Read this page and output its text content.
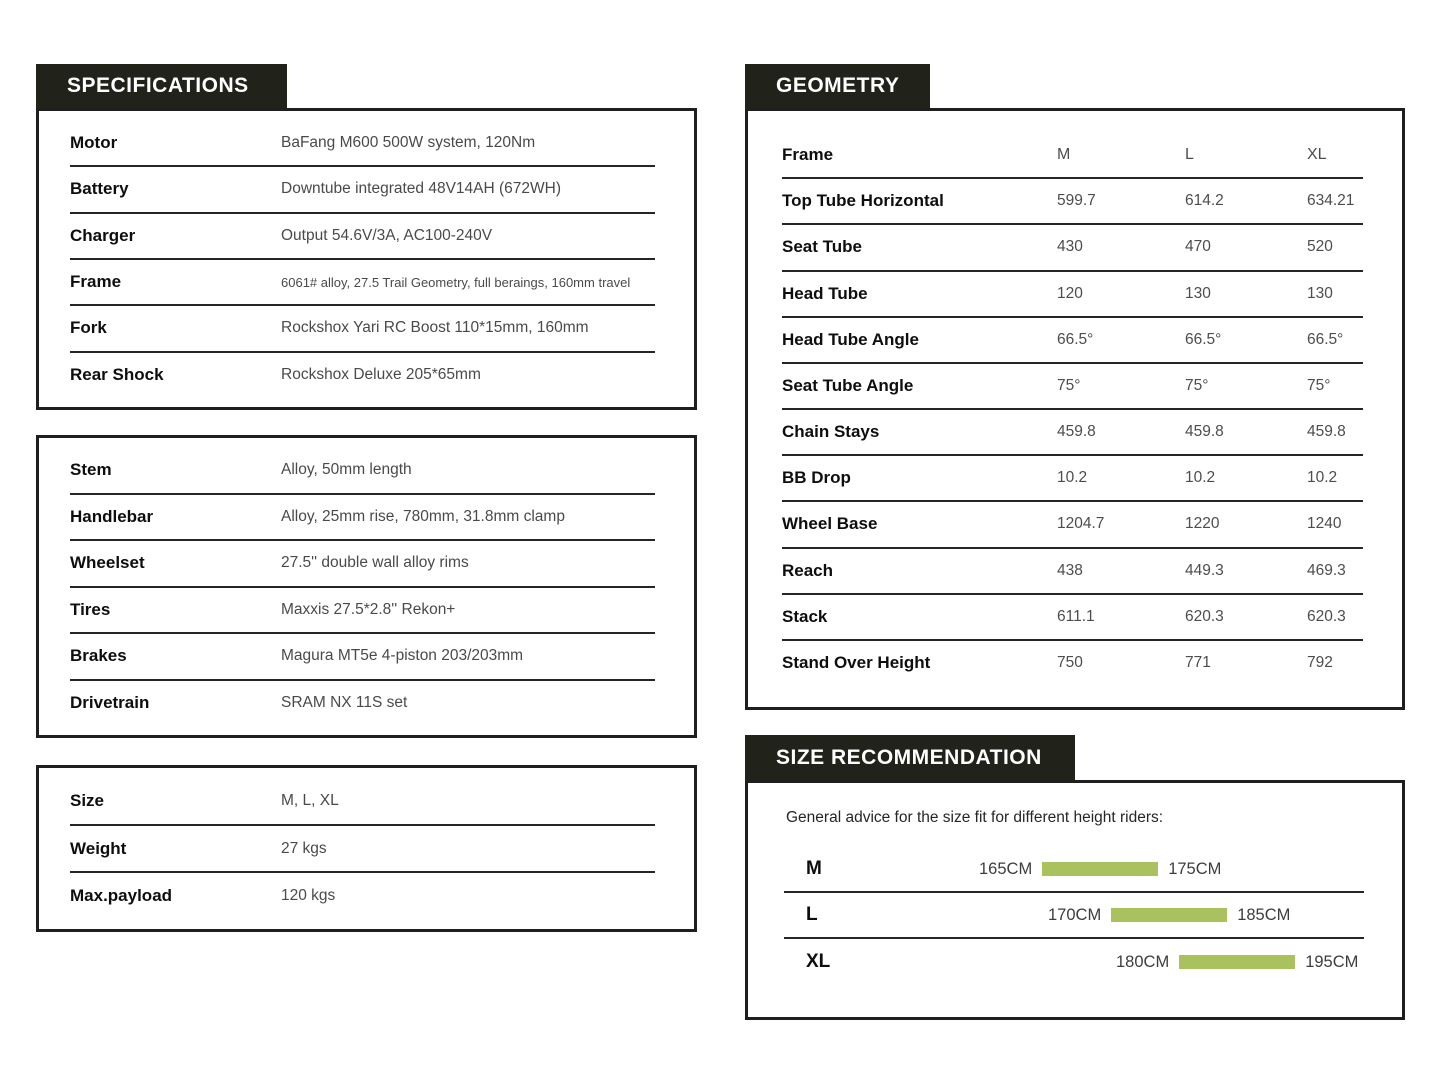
SPECIFICATIONS
Motor	BaFang M600 500W system, 120Nm
Battery	Downtube integrated 48V14AH (672WH)
Charger	Output 54.6V/3A, AC100-240V
Frame	6061# alloy, 27.5 Trail Geometry, full beraings, 160mm travel
Fork	Rockshox Yari RC Boost 110*15mm, 160mm
Rear Shock	Rockshox Deluxe 205*65mm
Stem	Alloy, 50mm length
Handlebar	Alloy, 25mm rise, 780mm, 31.8mm clamp
Wheelset	27.5'' double wall alloy rims
Tires	Maxxis 27.5*2.8'' Rekon+
Brakes	Magura MT5e 4-piston 203/203mm
Drivetrain	SRAM NX 11S set
Size	M, L, XL
Weight	27 kgs
Max.payload	120 kgs
GEOMETRY
Frame	M	L	XL
Top Tube Horizontal	599.7	614.2	634.21
Seat Tube	430	470	520
Head Tube	120	130	130
Head Tube Angle	66.5°	66.5°	66.5°
Seat Tube Angle	75°	75°	75°
Chain Stays	459.8	459.8	459.8
BB Drop	10.2	10.2	10.2
Wheel Base	1204.7	1220	1240
Reach	438	449.3	469.3
Stack	611.1	620.3	620.3
Stand Over Height	750	771	792
SIZE RECOMMENDATION
General advice for the size fit for different height riders:
M	165CM	175CM
L	170CM	185CM
XL	180CM	195CM
